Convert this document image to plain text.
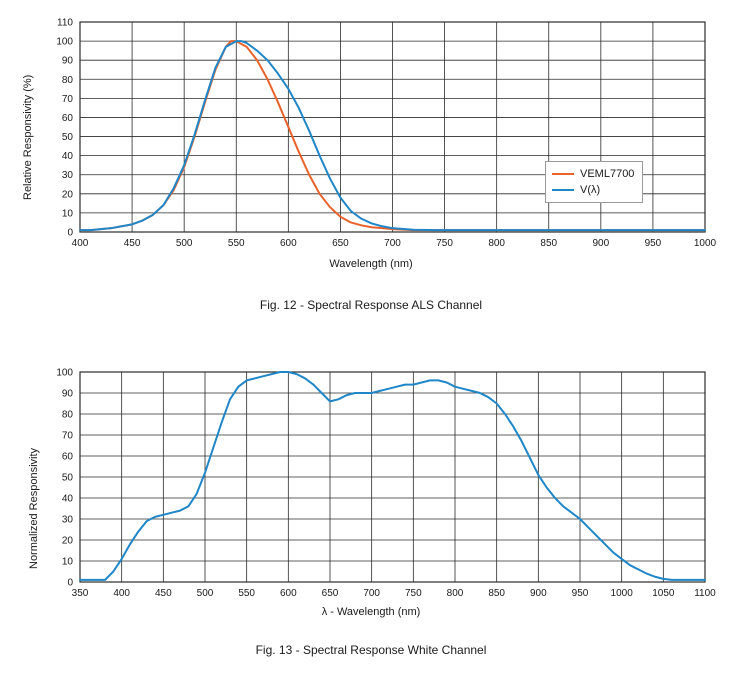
Relative Responsivity (%)
400	450	500	550	600	650	700	750	800	850	900	950	1000
0
10
20
30
40
50
60
70
80
90
100
110
Wavelength (nm)
VEML7700
V(λ)
Fig. 12 - Spectral Response ALS Channel
Normalized Responsivity
350 400 450 500 550 600 650 700 750 800 850 900 950 1000 1050 1100
0
10
20
30
40
50
60
70
80
90
100
λ - Wavelength (nm)
Fig. 13 - Spectral Response White Channel
